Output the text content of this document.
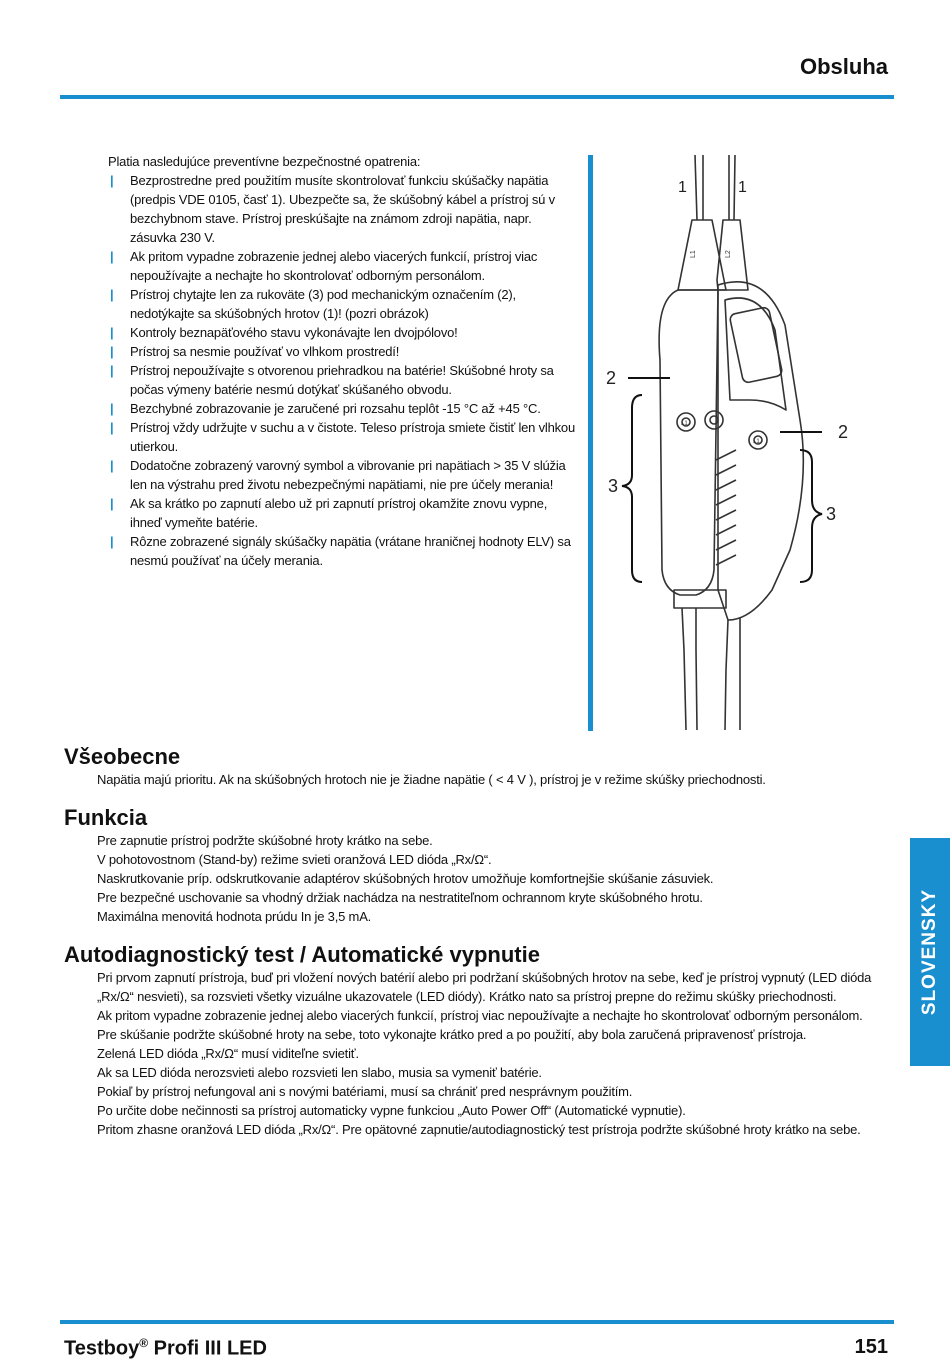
Obsluha

Platia nasledujúce preventívne bezpečnostné opatrenia:

| Bezprostredne pred použitím musíte skontrolovať funkciu skúšačky napätia (predpis VDE 0105, časť 1). Ubezpečte sa, že skúšobný kábel a prístroj sú v bezchybnom stave. Prístroj preskúšajte na známom zdroji napätia, napr. zásuvka 230 V.

| Ak pritom vypadne zobrazenie jednej alebo viacerých funkcií, prístroj viac nepoužívajte a nechajte ho skontrolovať odborným personálom.

| Prístroj chytajte len za rukoväte (3) pod mechanickým označením (2), nedotýkajte sa skúšobných hrotov (1)! (pozri obrázok)

| Kontroly beznapäťového stavu vykonávajte len dvojpólovo!

| Prístroj sa nesmie používať vo vlhkom prostredí!

| Prístroj nepoužívajte s otvorenou priehradkou na batérie! Skúšobné hroty sa počas výmeny batérie nesmú dotýkať skúšaného obvodu.

| Bezchybné zobrazovanie je zaručené pri rozsahu teplôt -15 °C až +45 °C.

| Prístroj vždy udržujte v suchu a v čistote. Teleso prístroja smiete čistiť len vlhkou utierkou.

| Dodatočne zobrazený varovný symbol a vibrovanie pri napätiach > 35 V slúžia len na výstrahu pred životu nebezpečnými napätiami, nie pre účely merania!

| Ak sa krátko po zapnutí alebo už pri zapnutí prístroj okamžite znovu vypne, ihneď vymeňte batérie.

| Rôzne zobrazené signály skúšačky napätia (vrátane hraničnej hodnoty ELV) sa nesmú používať na účely merania.

1	1
2
2
3
3
L1	L2
L1
L1
Všeobecne

Napätia majú prioritu. Ak na skúšobných hrotoch nie je žiadne napätie ( < 4 V ), prístroj je v režime skúšky priechodnosti.

Funkcia

Pre zapnutie prístroj podržte skúšobné hroty krátko na sebe.

V pohotovostnom (Stand-by) režime svieti oranžová LED dióda „Rx/Ω“.

Naskrutkovanie príp. odskrutkovanie adaptérov skúšobných hrotov umožňuje komfortnejšie skúšanie zásuviek.

Pre bezpečné uschovanie sa vhodný držiak nachádza na nestratiteľnom ochrannom kryte skúšobného hrotu.

Maximálna menovitá hodnota prúdu In je 3,5 mA.

Autodiagnostický test / Automatické vypnutie

Pri prvom zapnutí prístroja, buď pri vložení nových batérií alebo pri podržaní skúšobných hrotov na sebe, keď je prístroj vypnutý (LED dióda „Rx/Ω“ nesvieti), sa rozsvieti všetky vizuálne ukazovatele (LED diódy). Krátko nato sa prístroj prepne do režimu skúšky priechodnosti.

Ak pritom vypadne zobrazenie jednej alebo viacerých funkcií, prístroj viac nepoužívajte a nechajte ho skontrolovať odborným personálom.

Pre skúšanie podržte skúšobné hroty na sebe, toto vykonajte krátko pred a po použití, aby bola zaručená pripravenosť prístroja.

Zelená LED dióda „Rx/Ω“ musí viditeľne svietiť.

Ak sa LED dióda nerozsvieti alebo rozsvieti len slabo, musia sa vymeniť batérie.

Pokiaľ by prístroj nefungoval ani s novými batériami, musí sa chrániť pred nesprávnym použitím.

Po určite dobe nečinnosti sa prístroj automaticky vypne funkciou „Auto Power Off“ (Automatické vypnutie).

Pritom zhasne oranžová LED dióda „Rx/Ω“. Pre opätovné zapnutie/autodiagnostický test prístroja podržte skúšobné hroty krátko na sebe.

SLOVENSKY
Testboy® Profi III LED	151
